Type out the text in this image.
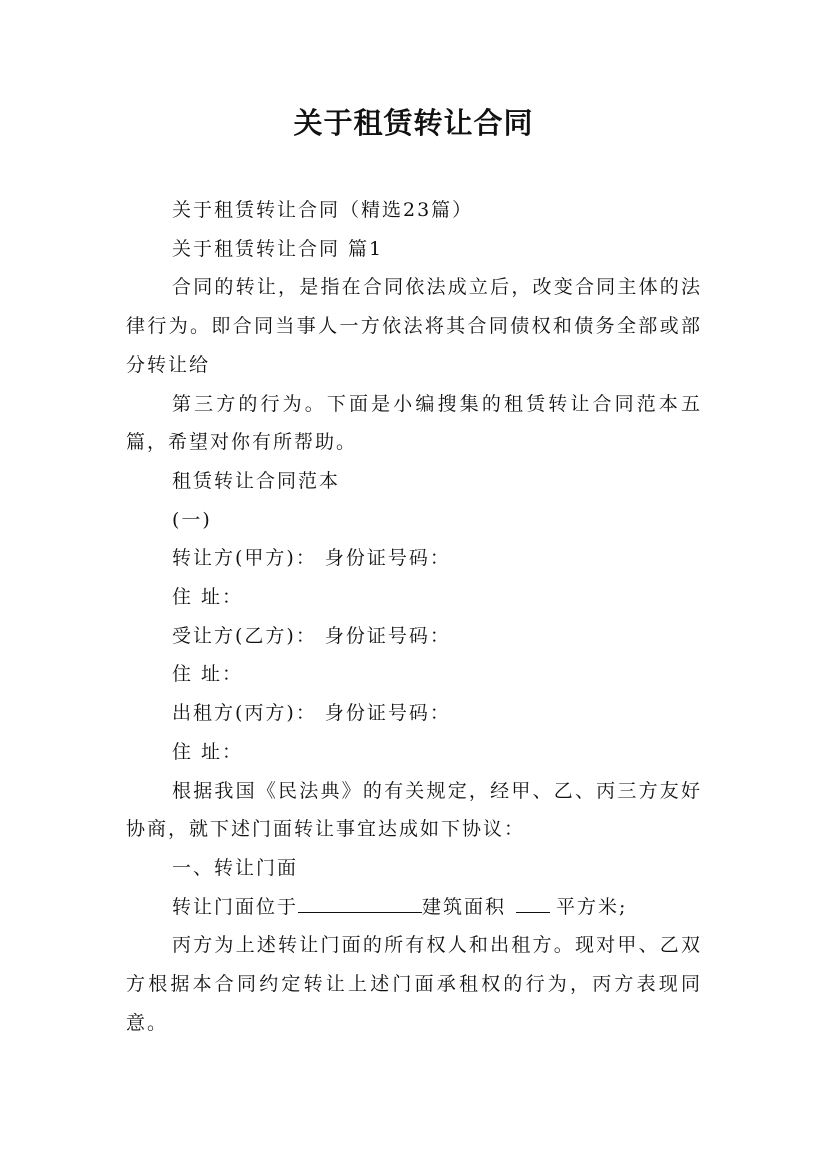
关于租赁转让合同

关于租赁转让合同（精选23篇）

关于租赁转让合同 篇1

合同的转让，是指在合同依法成立后，改变合同主体的法律行为。即合同当事人一方依法将其合同债权和债务全部或部分转让给

第三方的行为。下面是小编搜集的租赁转让合同范本五篇，希望对你有所帮助。

租赁转让合同范本

(一)

转让方(甲方)： 身份证号码：

住 址：

受让方(乙方)： 身份证号码：

住 址：

出租方(丙方)： 身份证号码：

住 址：

根据我国《民法典》的有关规定，经甲、乙、丙三方友好协商，就下述门面转让事宜达成如下协议：

一、转让门面

转让门面位于	建筑面积	平方米;

丙方为上述转让门面的所有权人和出租方。现对甲、乙双方根据本合同约定转让上述门面承租权的行为，丙方表现同意。
